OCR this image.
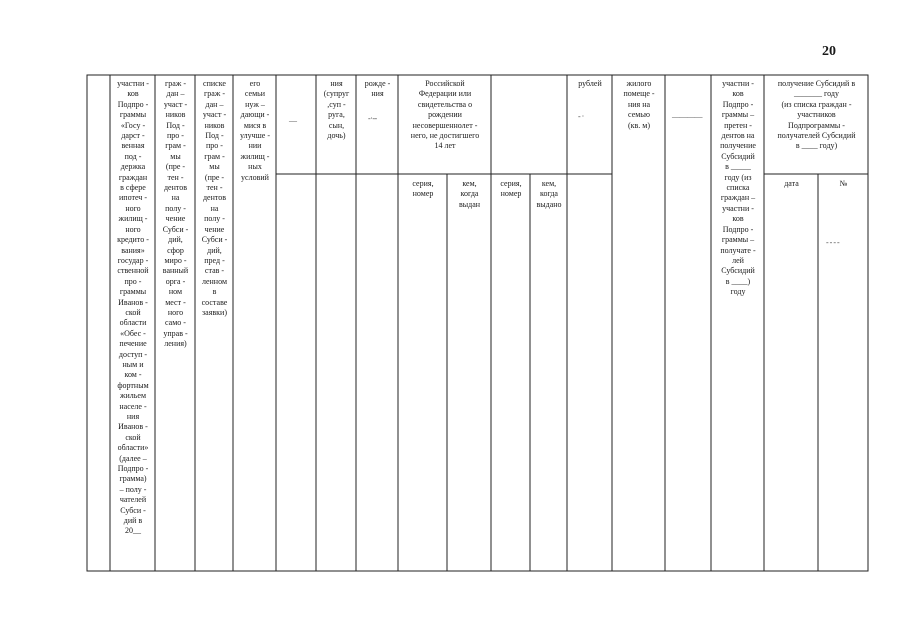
20
участни -
ков
Подпро -
граммы
«Госу -
дарст -
венная
под -
держка
граждан
в сфере
ипотеч -
ного
жилищ -
ного
кредито -
вания»
государ -
ственной
про -
граммы
Иванов -
ской
области
«Обес -
печение
доступ -
ным и
ком -
фортным
жильем
населе -
ния
Иванов -
ской
области»
(далее –
Подпро -
грамма)
– полу -
чателей
Субси -
дий в
20__
граж -
дан –
участ -
ников
Под -
про -
грам -
мы
(пре -
тен -
дентов
на
полу -
чение
Субси -
дий,
сфор
миро -
ванный
орга -
ном
мест -
ного
само -
управ -
ления)
списке
граж -
дан –
участ -
ников
Под -
про -
грам -
мы
(пре -
тен -
дентов
на
полу -
чение
Субси -
дий,
пред -
став -
ленном
в
составе
заявки)
его
семьи
нуж –
дающи -
мися в
улучше -
нии
жилищ -
ных
условий
—
ния
(супруг
,суп -
руга,
сын,
дочь)
рожде -
ния
-·--
Российской
Федерации или
свидетельства о
рождении
несовершеннолет -
него, не достигшего
14 лет
рублей
- ·
жилого
помеще -
ния на
семью
(кв. м)
————
участни -
ков
Подпро -
граммы –
претен -
дентов на
получение
Субсидий
в _____
году (из
списка
граждан –
участни -
ков
Подпро -
граммы –
получате -
лей
Субсидий
в ____)
году
получение Субсидий в
_______ году
(из списка граждан -
участников
Подпрограммы -
получателей Субсидий
в ____ году)
серия,
номер
кем,
когда
выдан
серия,
номер
кем,
когда
выдано
дата	№
- - - -
